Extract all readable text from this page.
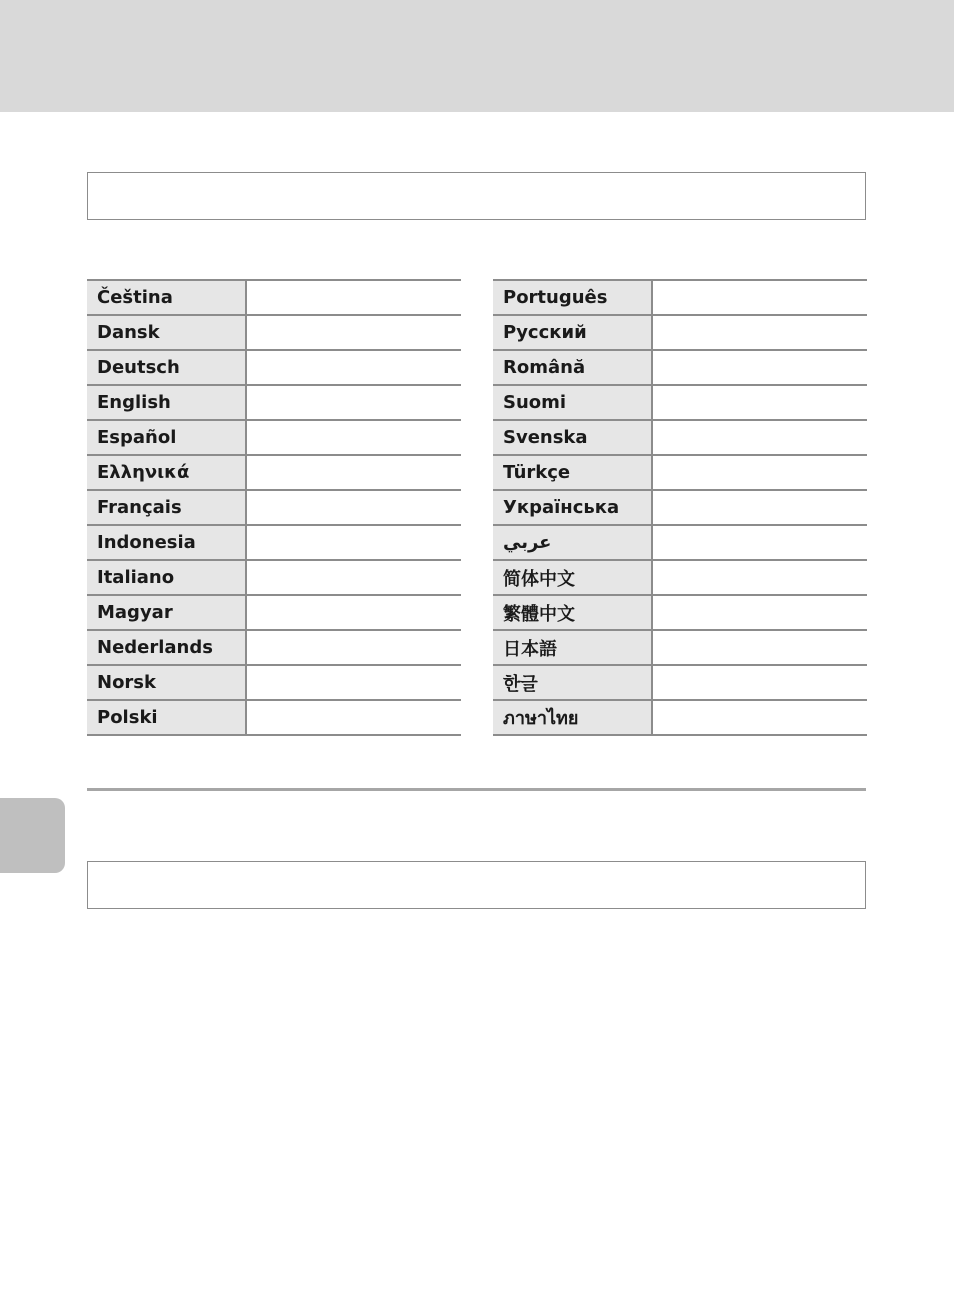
Čeština	
Dansk	
Deutsch	
English	
Español	
Ελληνικά	
Français	
Indonesia	
Italiano	
Magyar	
Nederlands	
Norsk	
Polski	
Português	
Русский	
Română	
Suomi	
Svenska	
Türkçe	
Українська	
عربي	
简体中文	
繁體中文	
日本語	
한글	
ภาษาไทย	
